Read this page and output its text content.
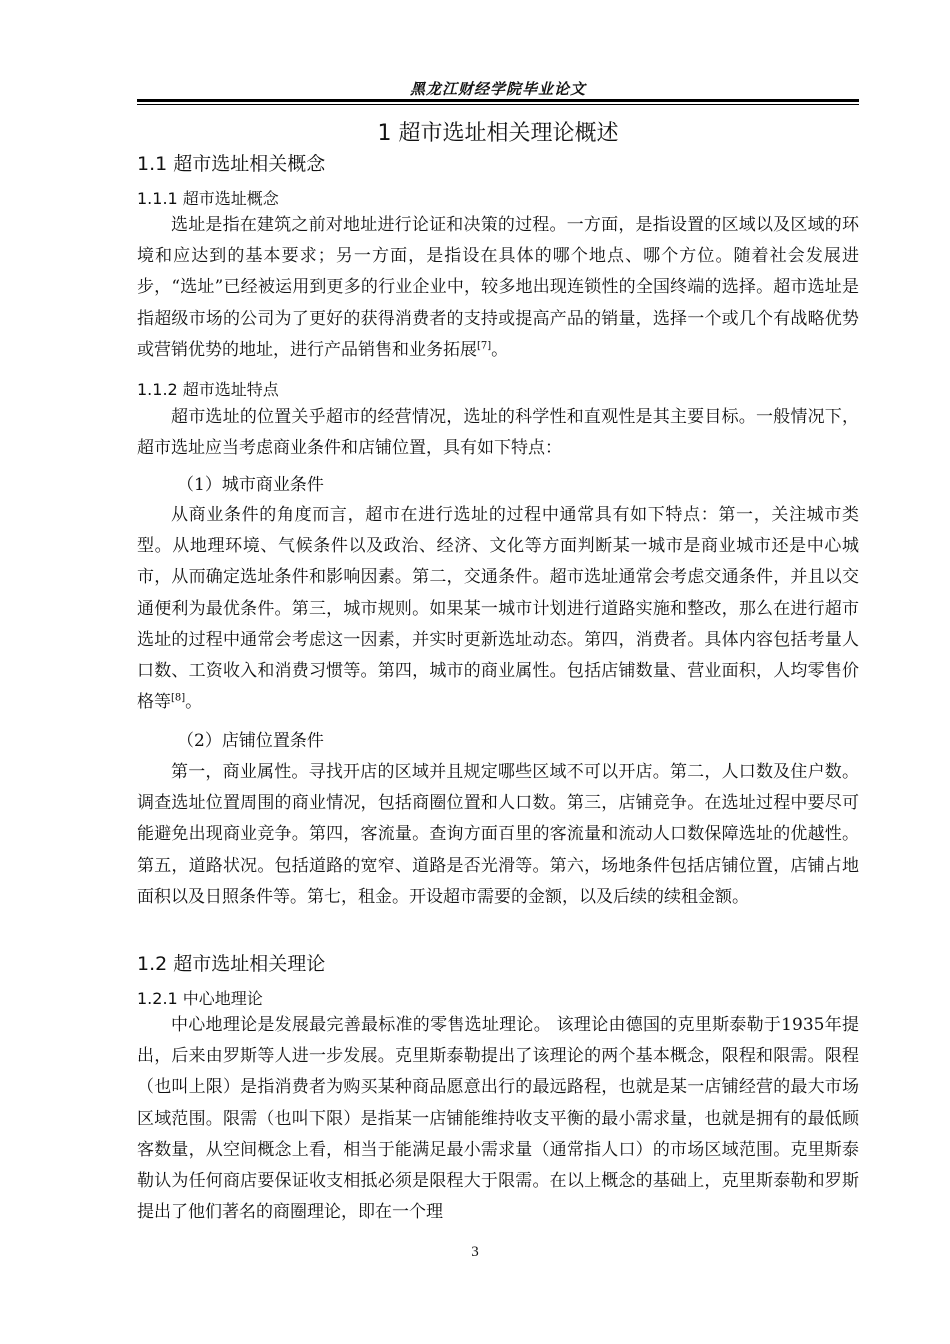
黑龙江财经学院毕业论文
1 超市选址相关理论概述
1.1 超市选址相关概念
1.1.1 超市选址概念

选址是指在建筑之前对地址进行论证和决策的过程。一方面，是指设置的区域以及区域的环境和应达到的基本要求；另一方面，是指设在具体的哪个地点、哪个方位。随着社会发展进步，“选址”已经被运用到更多的行业企业中，较多地出现连锁性的全国终端的选择。超市选址是指超级市场的公司为了更好的获得消费者的支持或提高产品的销量，选择一个或几个有战略优势或营销优势的地址，进行产品销售和业务拓展[7]。

1.1.2 超市选址特点

超市选址的位置关乎超市的经营情况，选址的科学性和直观性是其主要目标。一般情况下，超市选址应当考虑商业条件和店铺位置，具有如下特点：

（1）城市商业条件

从商业条件的角度而言，超市在进行选址的过程中通常具有如下特点：第一，关注城市类型。从地理环境、气候条件以及政治、经济、文化等方面判断某一城市是商业城市还是中心城市，从而确定选址条件和影响因素。第二，交通条件。超市选址通常会考虑交通条件，并且以交通便利为最优条件。第三，城市规则。如果某一城市计划进行道路实施和整改，那么在进行超市选址的过程中通常会考虑这一因素，并实时更新选址动态。第四，消费者。具体内容包括考量人口数、工资收入和消费习惯等。第四，城市的商业属性。包括店铺数量、营业面积，人均零售价格等[8]。

（2）店铺位置条件

第一，商业属性。寻找开店的区域并且规定哪些区域不可以开店。第二，人口数及住户数。调查选址位置周围的商业情况，包括商圈位置和人口数。第三，店铺竞争。在选址过程中要尽可能避免出现商业竞争。第四，客流量。查询方面百里的客流量和流动人口数保障选址的优越性。第五，道路状况。包括道路的宽窄、道路是否光滑等。第六，场地条件包括店铺位置，店铺占地面积以及日照条件等。第七，租金。开设超市需要的金额，以及后续的续租金额。

1.2 超市选址相关理论
1.2.1 中心地理论

中心地理论是发展最完善最标准的零售选址理论。 该理论由德国的克里斯泰勒于1935年提出，后来由罗斯等人进一步发展。克里斯泰勒提出了该理论的两个基本概念，限程和限需。限程（也叫上限）是指消费者为购买某种商品愿意出行的最远路程，也就是某一店铺经营的最大市场区域范围。限需（也叫下限）是指某一店铺能维持收支平衡的最小需求量，也就是拥有的最低顾客数量，从空间概念上看，相当于能满足最小需求量（通常指人口）的市场区域范围。克里斯泰勒认为任何商店要保证收支相抵必须是限程大于限需。在以上概念的基础上，克里斯泰勒和罗斯提出了他们著名的商圈理论，即在一个理

3
